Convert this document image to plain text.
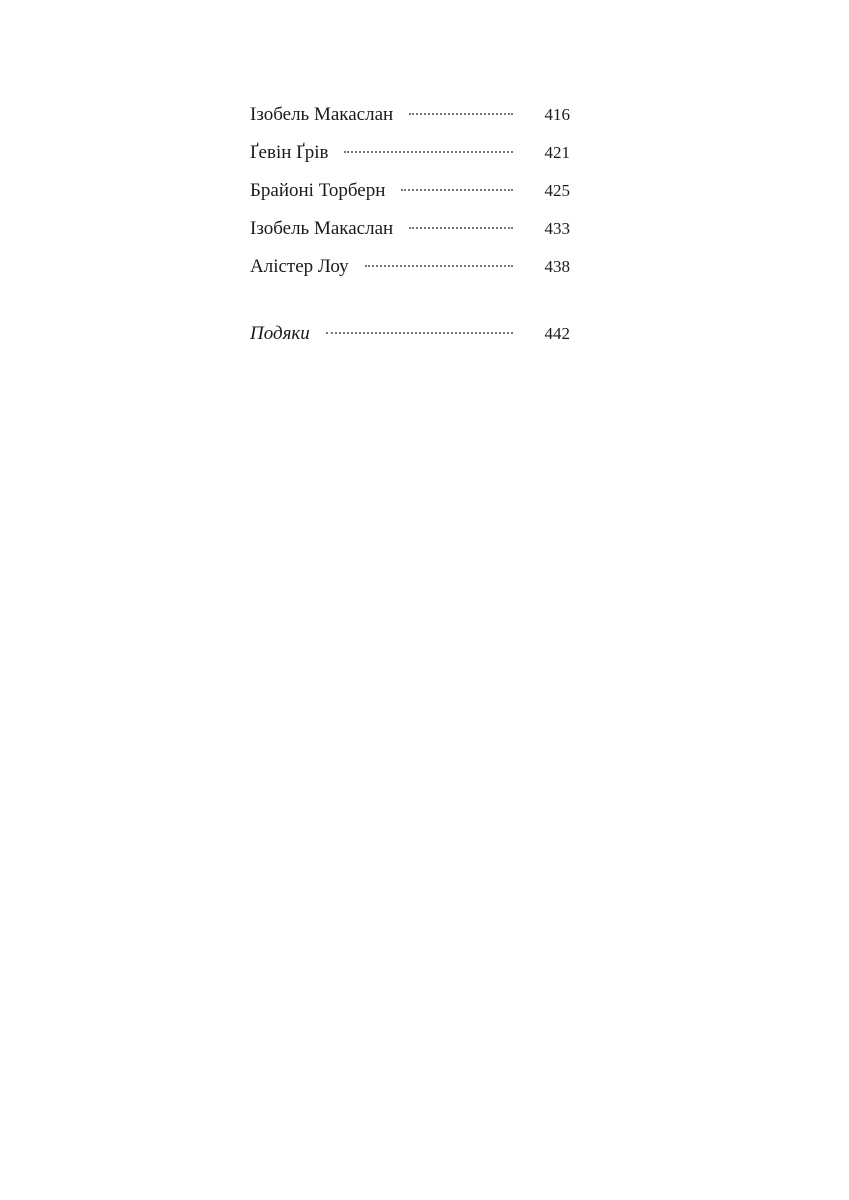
Ізобель Макаслан	416
Ґевін Ґрів	421
Брайоні Торберн	425
Ізобель Макаслан	433
Алістер Лоу	438
Подяки	442
